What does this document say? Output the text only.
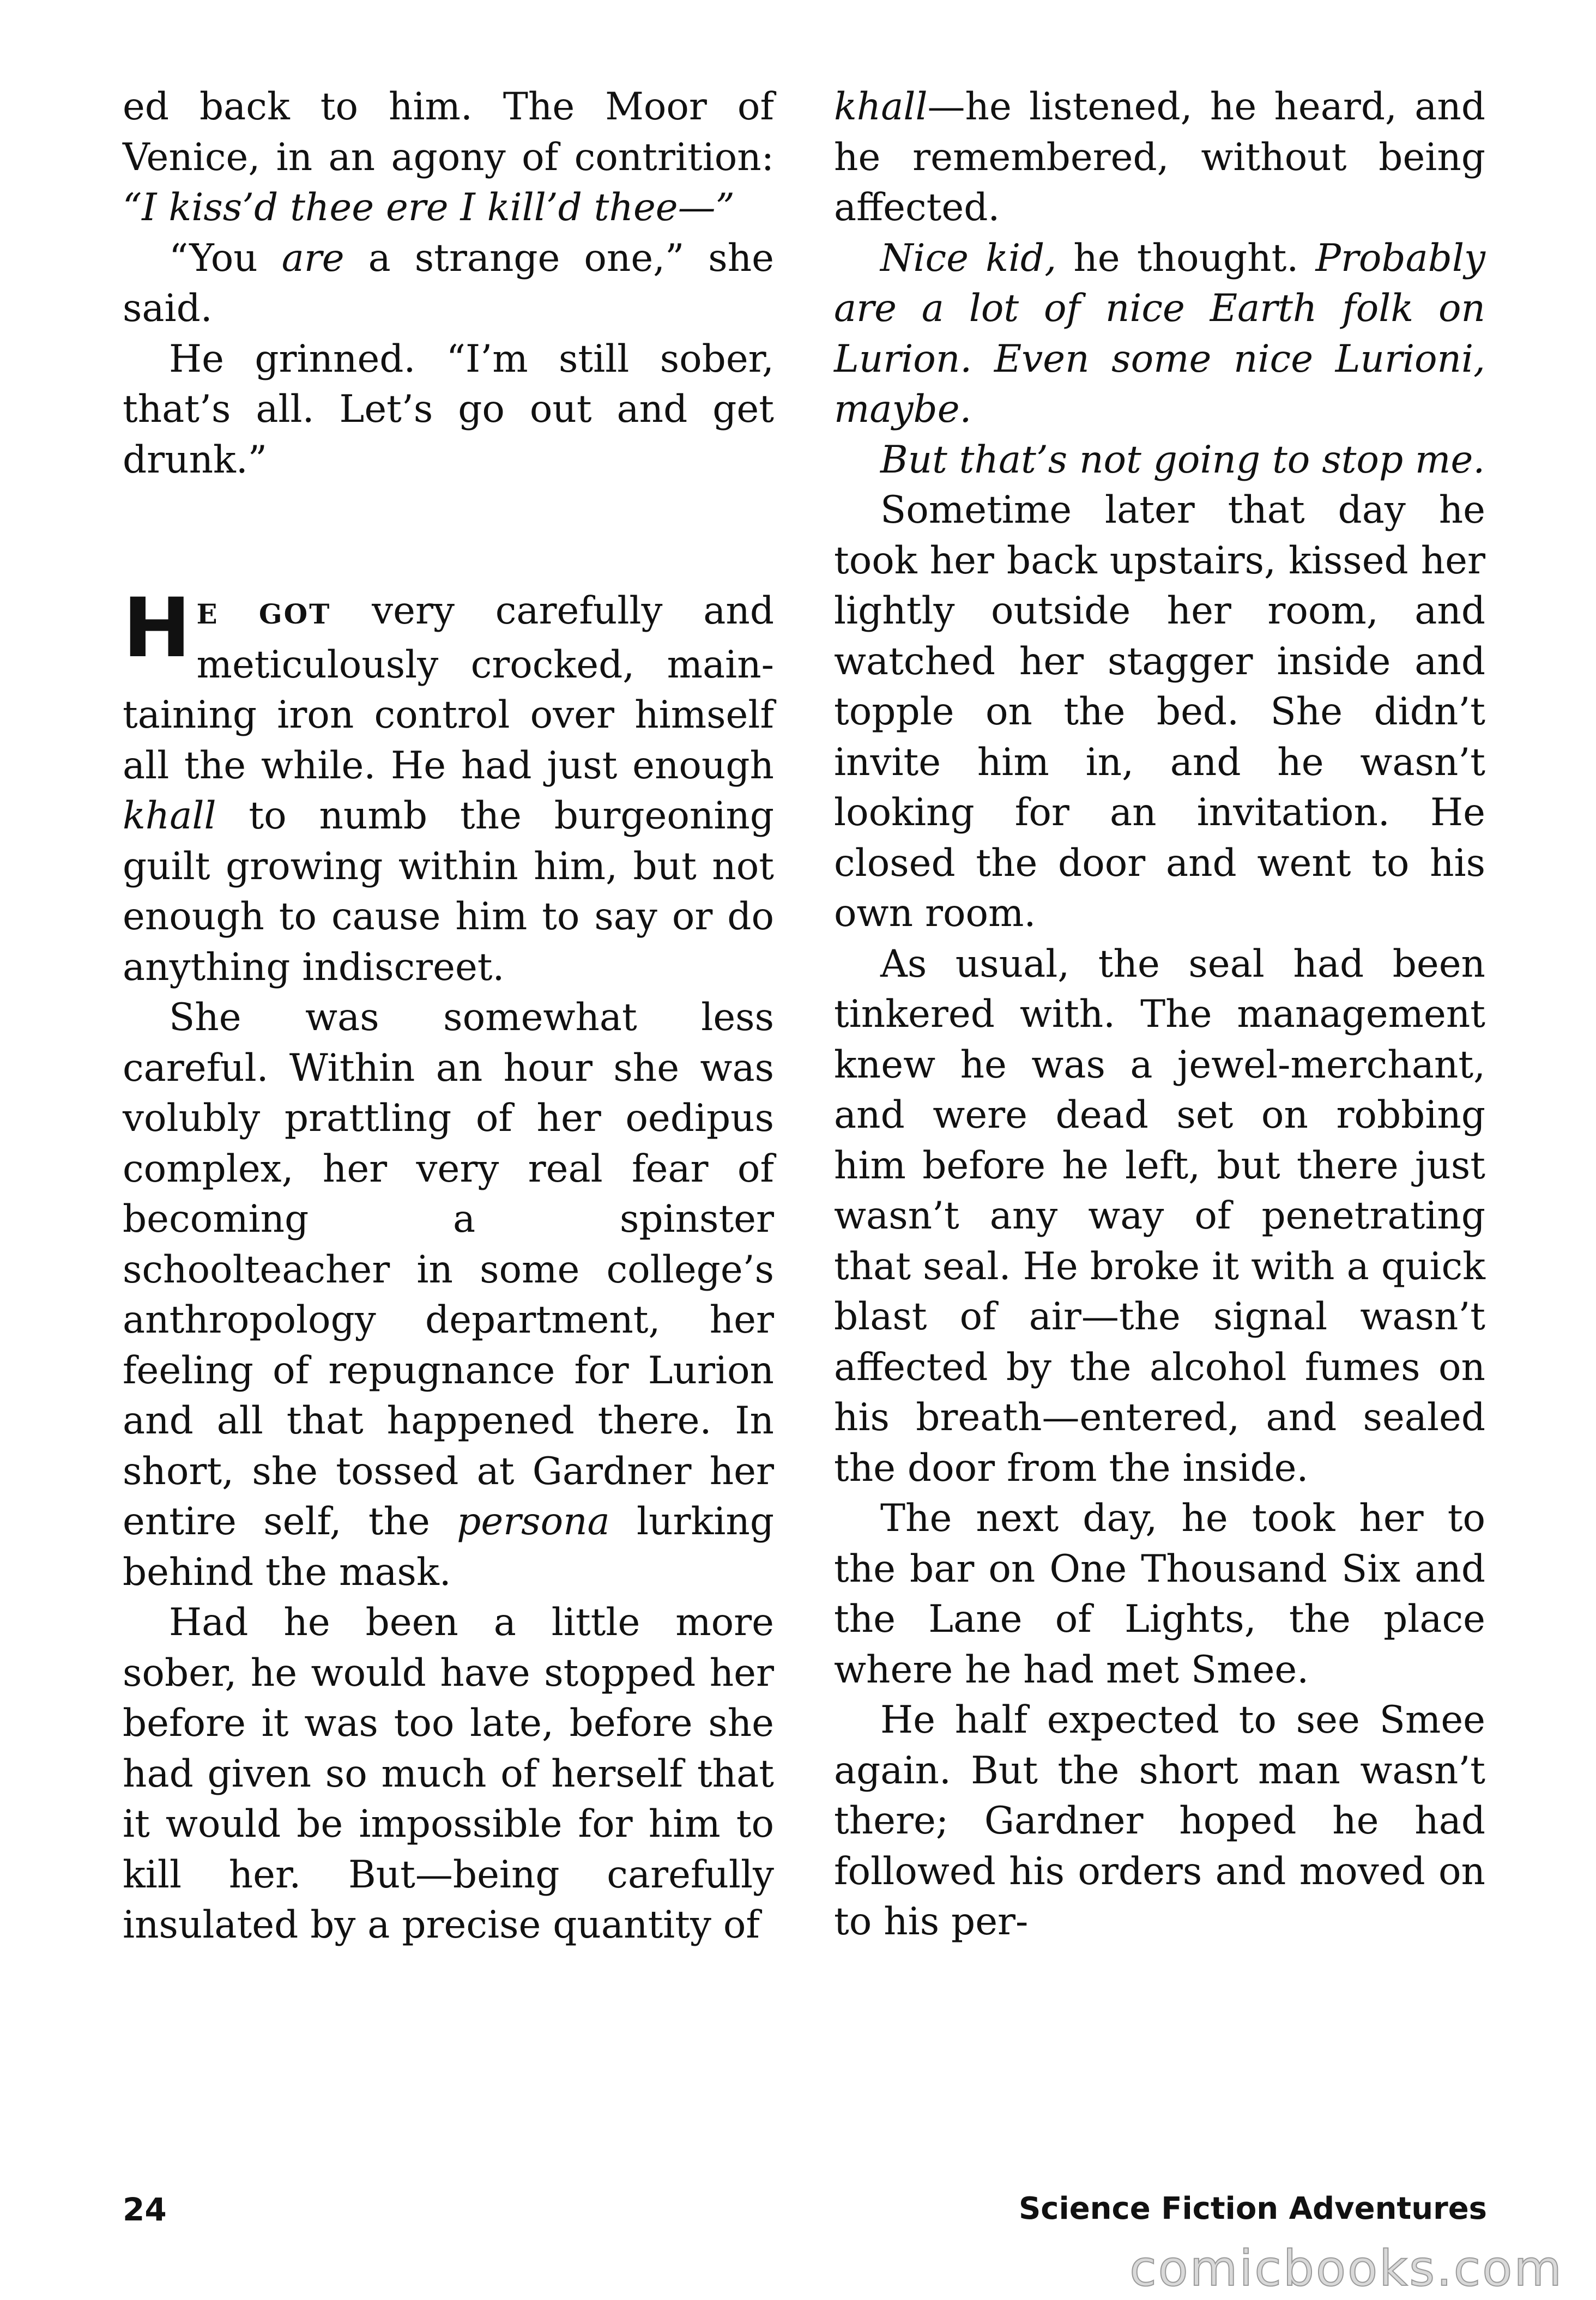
ed back to him. The Moor of Venice, in an agony of contrition: “I kiss’d thee ere I kill’d thee—”

“You are a strange one,” she said.

He grinned. “I’m still sober, that’s all. Let’s go out and get drunk.”

H E GOT very carefully and meticulously crocked, maintaining iron control over himself all the while. He had just enough khall to numb the burgeoning guilt growing within him, but not enough to cause him to say or do anything indiscreet.

She was somewhat less careful. Within an hour she was volubly prattling of her oedipus complex, her very real fear of becoming a spinster schoolteacher in some college’s anthropology department, her feeling of repugnance for Lurion and all that happened there. In short, she tossed at Gardner her entire self, the persona lurking behind the mask.

Had he been a little more sober, he would have stopped her before it was too late, before she had given so much of herself that it would be impossible for him to kill her. But—being carefully insulated by a precise quantity of

khall—he listened, he heard, and he remembered, without being affected.

Nice kid, he thought. Probably are a lot of nice Earth folk on Lurion. Even some nice Lurioni, maybe.

But that’s not going to stop me.

Sometime later that day he took her back upstairs, kissed her lightly outside her room, and watched her stagger inside and topple on the bed. She didn’t invite him in, and he wasn’t looking for an invitation. He closed the door and went to his own room.

As usual, the seal had been tinkered with. The management knew he was a jewel-merchant, and were dead set on robbing him before he left, but there just wasn’t any way of penetrating that seal. He broke it with a quick blast of air—the signal wasn’t affected by the alcohol fumes on his breath—entered, and sealed the door from the inside.

The next day, he took her to the bar on One Thousand Six and the Lane of Lights, the place where he had met Smee.

He half expected to see Smee again. But the short man wasn’t there; Gardner hoped he had followed his orders and moved on to his per-

24	Science Fiction Adventures
comicbooks.com
